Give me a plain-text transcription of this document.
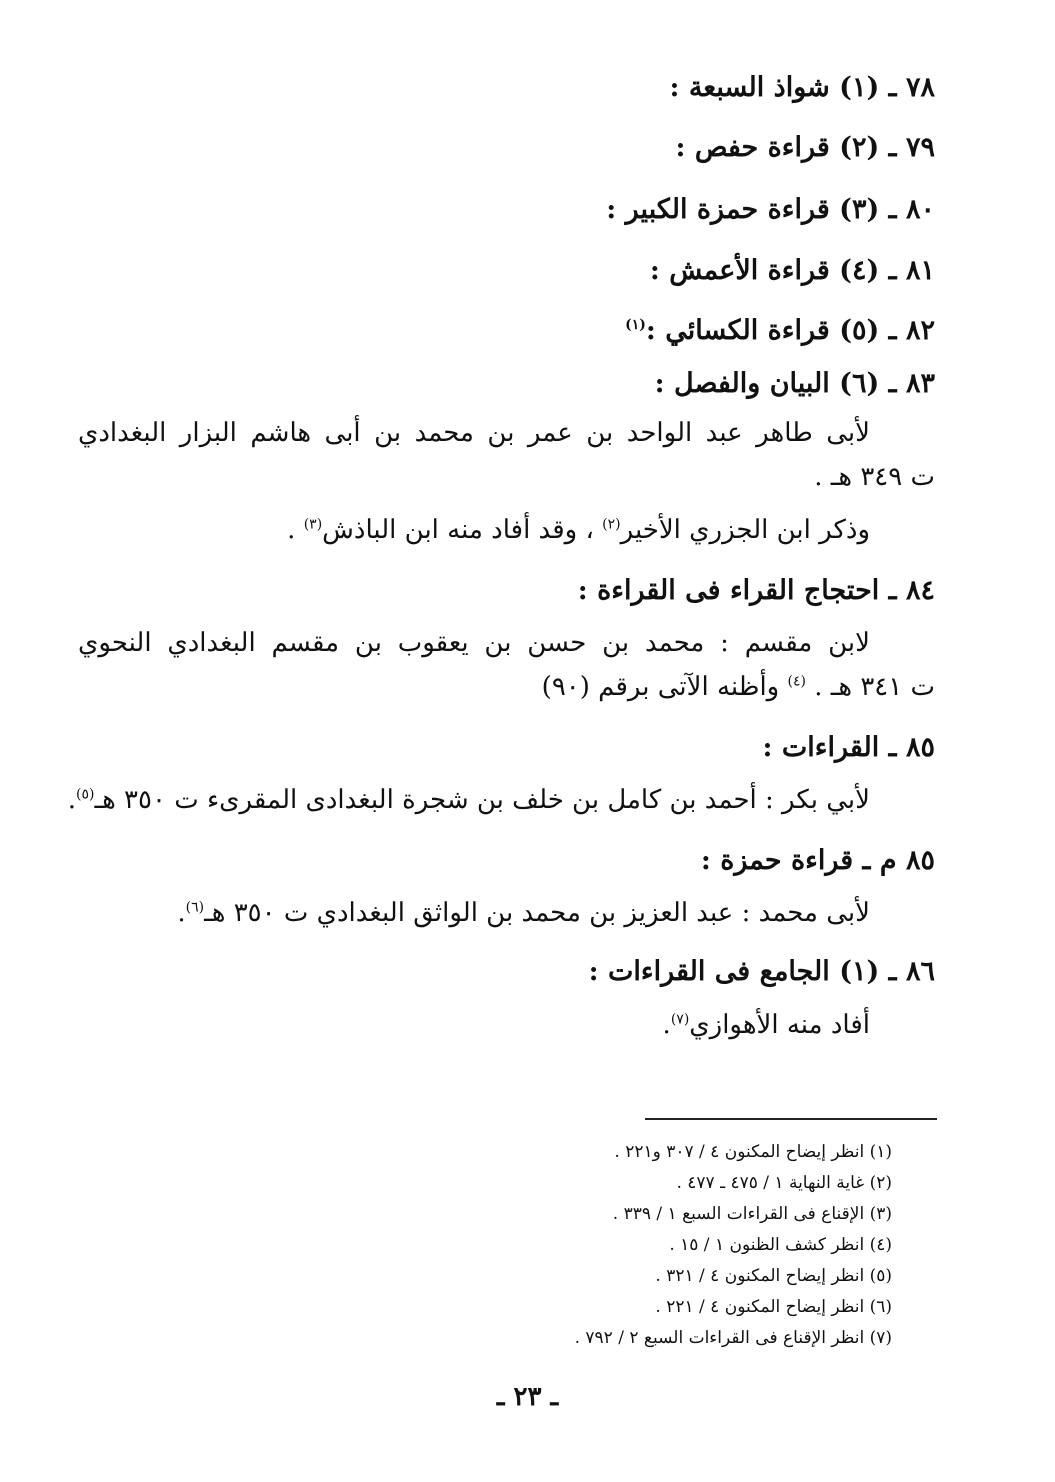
٧٨ ـ (١) شواذ السبعة :
٧٩ ـ (٢) قراءة حفص :
٨٠ ـ (٣) قراءة حمزة الكبير :
٨١ ـ (٤) قراءة الأعمش :
٨٢ ـ (٥) قراءة الكسائي :$^{(١)}$
٨٣ ـ (٦) البيان والفصل :
لأبى طاهر عبد الواحد بن عمر بن محمد بن أبى هاشم البزار البغدادي
ت ٣٤٩ هـ .
وذكر ابن الجزري الأخير$^{(٢)}$ ، وقد أفاد منه ابن الباذش$^{(٣)}$ .
٨٤ ـ احتجاج القراء فى القراءة :
لابن مقسم : محمد بن حسن بن يعقوب بن مقسم البغدادي النحوي
ت ٣٤١ هـ . $^{(٤)}$ وأظنه الآتى برقم (٩٠)
٨٥ ـ القراءات :
لأبي بكر : أحمد بن كامل بن خلف بن شجرة البغدادى المقرىء ت ٣٥٠ هـ$^{(٥)}$.
٨٥ م ـ قراءة حمزة :
لأبى محمد : عبد العزيز بن محمد بن الواثق البغدادي ت ٣٥٠ هـ$^{(٦)}$.
٨٦ ـ (١) الجامع فى القراءات :
أفاد منه الأهوازي$^{(٧)}$.
(١) انظر إيضاح المكنون ٤ / ٣٠٧ و٢٢١ .
(٢) غاية النهاية ١ / ٤٧٥ ـ ٤٧٧ .
(٣) الإقناع فى القراءات السبع ١ / ٣٣٩ .
(٤) انظر كشف الظنون ١ / ١٥ .
(٥) انظر إيضاح المكنون ٤ / ٣٢١ .
(٦) انظر إيضاح المكنون ٤ / ٢٢١ .
(٧) انظر الإقناع فى القراءات السبع ٢ / ٧٩٢ .
ـ ٢٣ ـ
